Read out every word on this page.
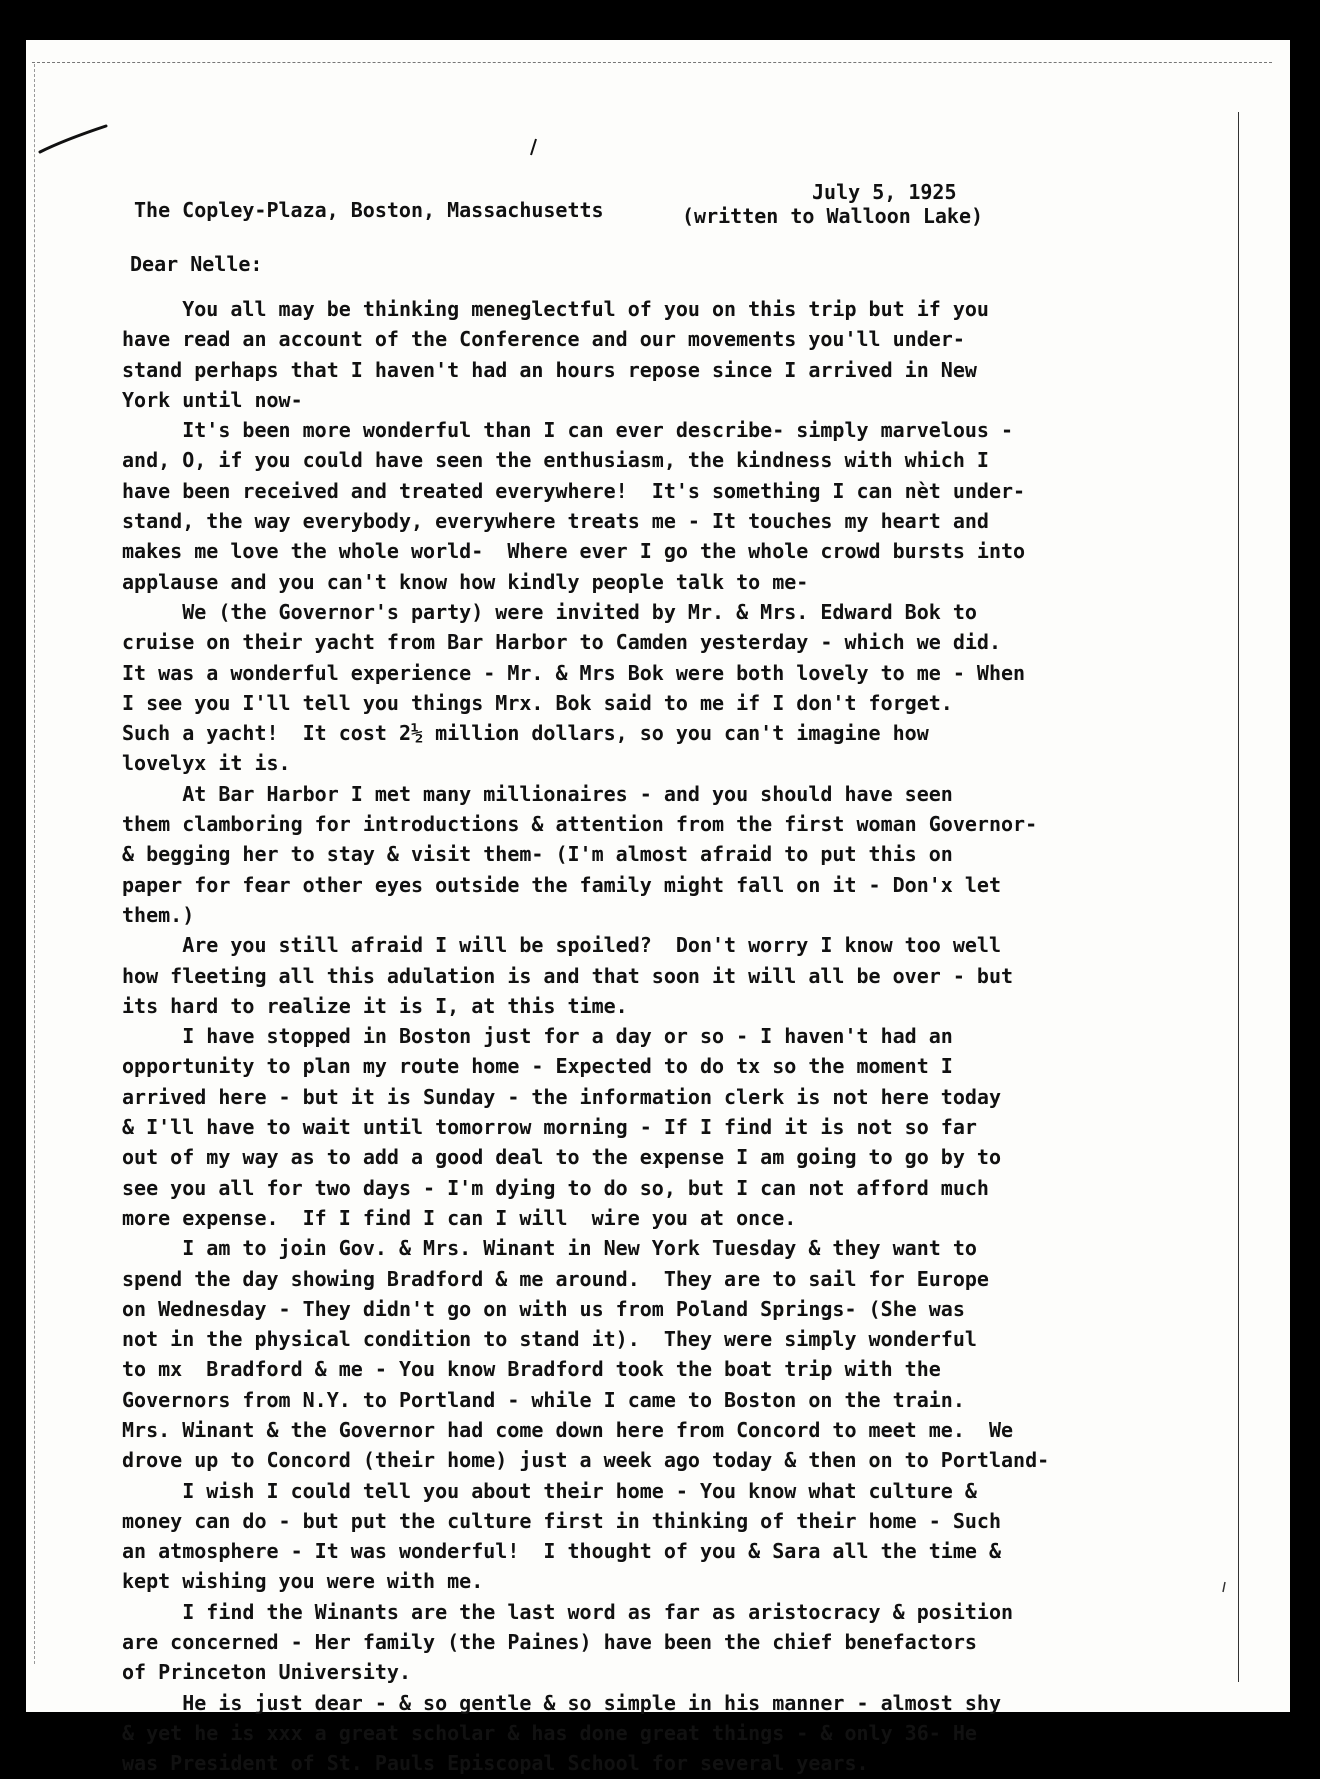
The Copley-Plaza, Boston, Massachusetts
July 5, 1925
(written to Walloon Lake)
Dear Nelle:
You all may be thinking meneglectful of you on this trip but if you
have read an account of the Conference and our movements you'll under-
stand perhaps that I haven't had an hours repose since I arrived in New
York until now-
It's been more wonderful than I can ever describe- simply marvelous -
and, O, if you could have seen the enthusiasm, the kindness with which I
have been received and treated everywhere!  It's something I can nèt under-
stand, the way everybody, everywhere treats me - It touches my heart and
makes me love the whole world-  Where ever I go the whole crowd bursts into
applause and you can't know how kindly people talk to me-
We (the Governor's party) were invited by Mr. & Mrs. Edward Bok to
cruise on their yacht from Bar Harbor to Camden yesterday - which we did.
It was a wonderful experience - Mr. & Mrs Bok were both lovely to me - When
I see you I'll tell you things Mrx. Bok said to me if I don't forget.
Such a yacht!  It cost 2½ million dollars, so you can't imagine how
lovelyx it is.
At Bar Harbor I met many millionaires - and you should have seen
them clamboring for introductions & attention from the first woman Governor-
& begging her to stay & visit them- (I'm almost afraid to put this on
paper for fear other eyes outside the family might fall on it - Don'x let
them.)
Are you still afraid I will be spoiled?  Don't worry I know too well
how fleeting all this adulation is and that soon it will all be over - but
its hard to realize it is I, at this time.
I have stopped in Boston just for a day or so - I haven't had an
opportunity to plan my route home - Expected to do tx so the moment I
arrived here - but it is Sunday - the information clerk is not here today
& I'll have to wait until tomorrow morning - If I find it is not so far
out of my way as to add a good deal to the expense I am going to go by to
see you all for two days - I'm dying to do so, but I can not afford much
more expense.  If I find I can I will  wire you at once.
I am to join Gov. & Mrs. Winant in New York Tuesday & they want to
spend the day showing Bradford & me around.  They are to sail for Europe
on Wednesday - They didn't go on with us from Poland Springs- (She was
not in the physical condition to stand it).  They were simply wonderful
to mx  Bradford & me - You know Bradford took the boat trip with the
Governors from N.Y. to Portland - while I came to Boston on the train.
Mrs. Winant & the Governor had come down here from Concord to meet me.  We
drove up to Concord (their home) just a week ago today & then on to Portland-
I wish I could tell you about their home - You know what culture &
money can do - but put the culture first in thinking of their home - Such
an atmosphere - It was wonderful!  I thought of you & Sara all the time &
kept wishing you were with me.
I find the Winants are the last word as far as aristocracy & position
are concerned - Her family (the Paines) have been the chief benefactors
of Princeton University.
He is just dear - & so gentle & so simple in his manner - almost shy
& yet he is xxx a great scholar & has done great things - & only 36- He
was President of St. Pauls Episcopal School for several years.
